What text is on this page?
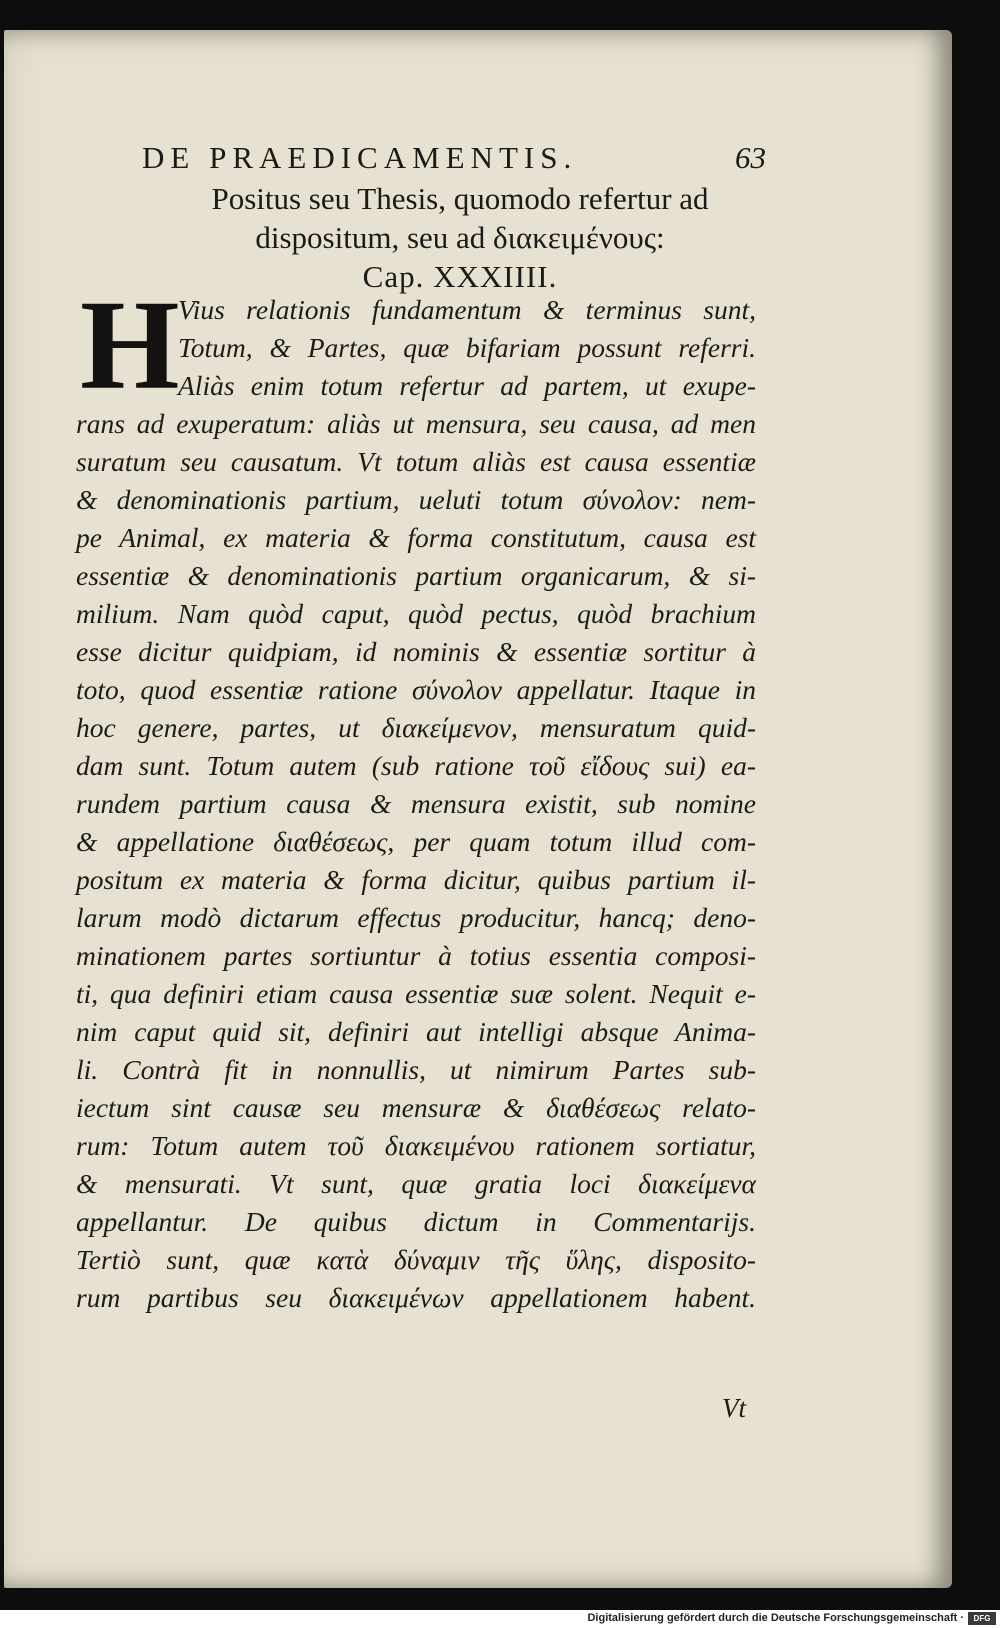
DE PRAEDICAMENTIS.	63
Positus seu Thesis, quomodo refertur ad
dispositum, seu ad διακειμένους:
Cap. XXXIIII.
H
Vius relationis fundamentum & terminus sunt,
Totum, & Partes, quæ bifariam possunt referri.
Aliàs enim totum refertur ad partem, ut exupe-
rans ad exuperatum: aliàs ut mensura, seu causa, ad men
suratum seu causatum. Vt totum aliàs est causa essentiæ
& denominationis partium, ueluti totum σύνολον: nem-
pe Animal, ex materia & forma constitutum, causa est
essentiæ & denominationis partium organicarum, & si-
milium. Nam quòd caput, quòd pectus, quòd brachium
esse dicitur quidpiam, id nominis & essentiæ sortitur à
toto, quod essentiæ ratione σύνολον appellatur. Itaque in
hoc genere, partes, ut διακείμενον, mensuratum quid-
dam sunt. Totum autem (sub ratione τοῦ εἴδους sui) ea-
rundem partium causa & mensura existit, sub nomine
& appellatione διαθέσεως, per quam totum illud com-
positum ex materia & forma dicitur, quibus partium il-
larum modò dictarum effectus producitur, hancq; deno-
minationem partes sortiuntur à totius essentia composi-
ti, qua definiri etiam causa essentiæ suæ solent. Nequit e-
nim caput quid sit, definiri aut intelligi absque Anima-
li. Contrà fit in nonnullis, ut nimirum Partes sub-
iectum sint causæ seu mensuræ & διαθέσεως relato-
rum: Totum autem τοῦ διακειμένου rationem sortiatur,
& mensurati. Vt sunt, quæ gratia loci διακείμενα
appellantur. De quibus dictum in Commentarijs.
Tertiò sunt, quæ κατὰ δύναμιν τῆς ὕλης, disposito-
rum partibus seu διακειμένων appellationem habent.
Vt
Digitalisierung gefördert durch die Deutsche Forschungsgemeinschaft ·	DFG
